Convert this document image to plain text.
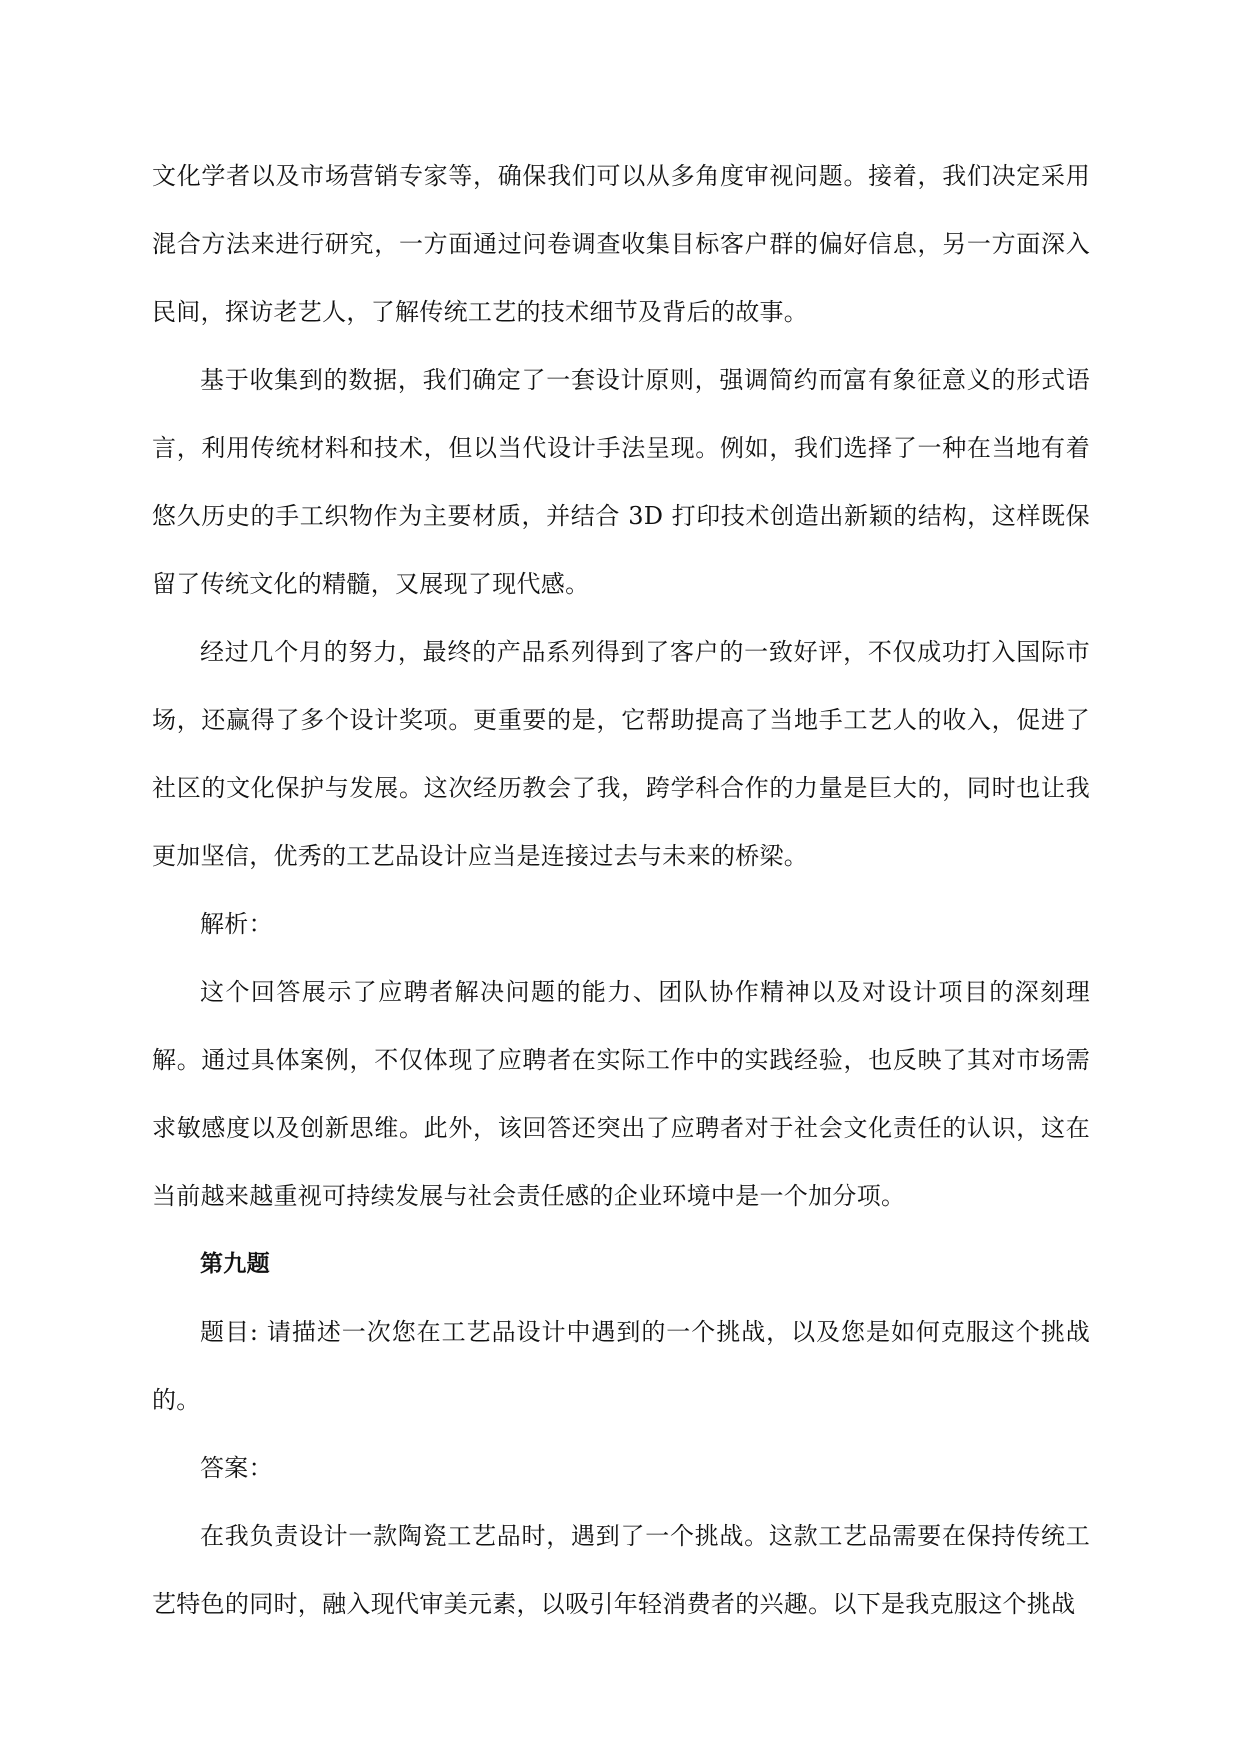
文化学者以及市场营销专家等，确保我们可以从多角度审视问题。接着，我们决定采用混合方法来进行研究，一方面通过问卷调查收集目标客户群的偏好信息，另一方面深入民间，探访老艺人，了解传统工艺的技术细节及背后的故事。

基于收集到的数据，我们确定了一套设计原则，强调简约而富有象征意义的形式语言，利用传统材料和技术，但以当代设计手法呈现。例如，我们选择了一种在当地有着悠久历史的手工织物作为主要材质，并结合 3D 打印技术创造出新颖的结构，这样既保留了传统文化的精髓，又展现了现代感。

经过几个月的努力，最终的产品系列得到了客户的一致好评，不仅成功打入国际市场，还赢得了多个设计奖项。更重要的是，它帮助提高了当地手工艺人的收入，促进了社区的文化保护与发展。这次经历教会了我，跨学科合作的力量是巨大的，同时也让我更加坚信，优秀的工艺品设计应当是连接过去与未来的桥梁。

解析：

这个回答展示了应聘者解决问题的能力、团队协作精神以及对设计项目的深刻理解。通过具体案例，不仅体现了应聘者在实际工作中的实践经验，也反映了其对市场需求敏感度以及创新思维。此外，该回答还突出了应聘者对于社会文化责任的认识，这在当前越来越重视可持续发展与社会责任感的企业环境中是一个加分项。

第九题

题目: 请描述一次您在工艺品设计中遇到的一个挑战，以及您是如何克服这个挑战的。

答案：

在我负责设计一款陶瓷工艺品时，遇到了一个挑战。这款工艺品需要在保持传统工艺特色的同时，融入现代审美元素，以吸引年轻消费者的兴趣。以下是我克服这个挑战
